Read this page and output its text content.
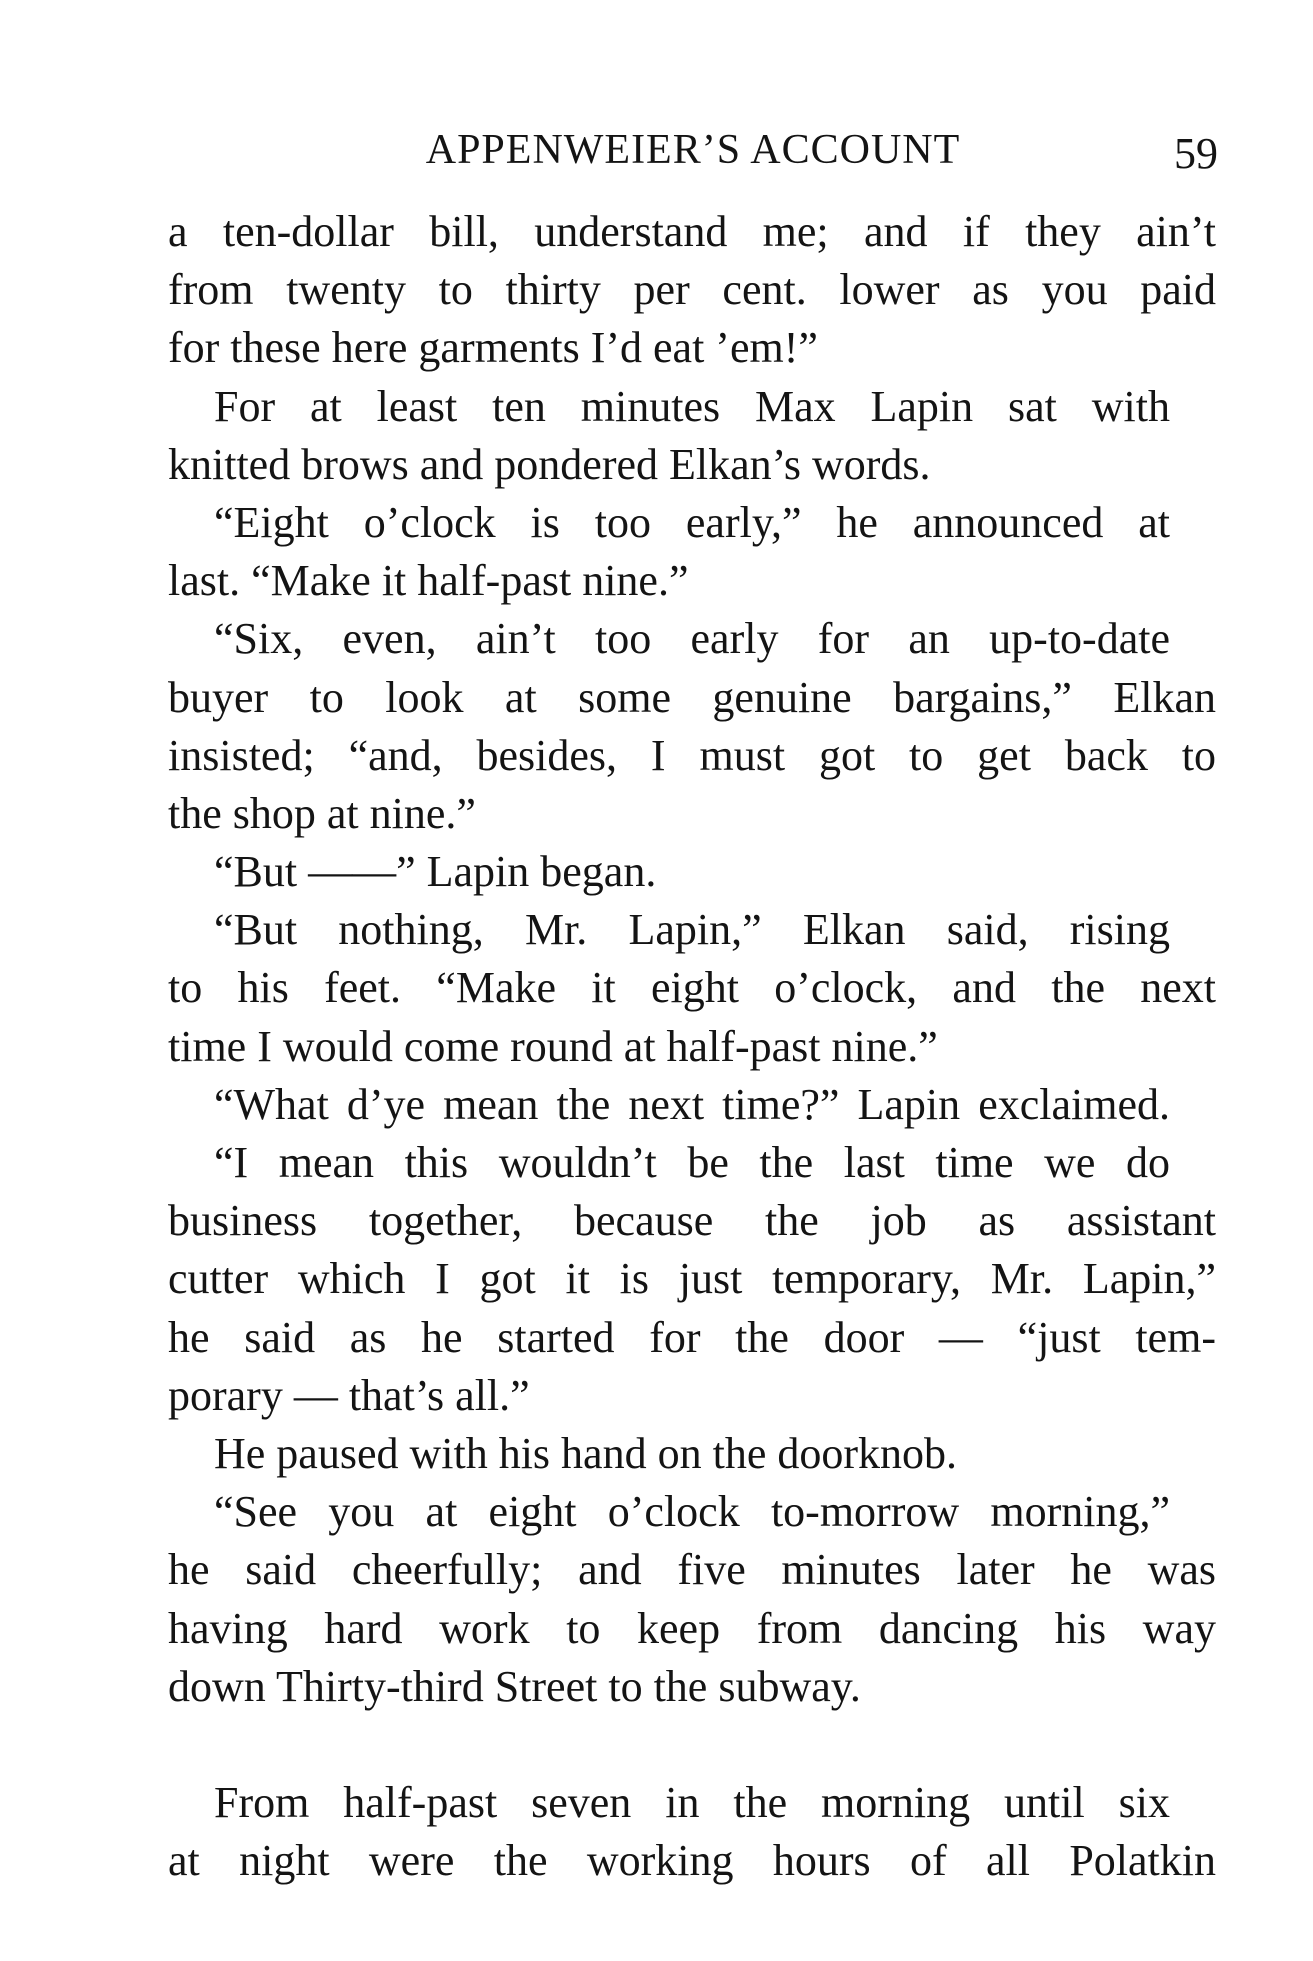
APPENWEIER’S ACCOUNT	59
a ten-dollar bill, understand me; and if they ain’t
from twenty to thirty per cent. lower as you paid
for these here garments I’d eat ’em!”
For at least ten minutes Max Lapin sat with
knitted brows and pondered Elkan’s words.
“Eight o’clock is too early,” he announced at
last. “Make it half-past nine.”
“Six, even, ain’t too early for an up-to-date
buyer to look at some genuine bargains,” Elkan
insisted; “and, besides, I must got to get back to
the shop at nine.”
“But ——” Lapin began.
“But nothing, Mr. Lapin,” Elkan said, rising
to his feet. “Make it eight o’clock, and the next
time I would come round at half-past nine.”
“What d’ye mean the next time?” Lapin exclaimed.
“I mean this wouldn’t be the last time we do
business together, because the job as assistant
cutter which I got it is just temporary, Mr. Lapin,”
he said as he started for the door — “just tem-
porary — that’s all.”
He paused with his hand on the doorknob.
“See you at eight o’clock to-morrow morning,”
he said cheerfully; and five minutes later he was
having hard work to keep from dancing his way
down Thirty-third Street to the subway.
From half-past seven in the morning until six
at night were the working hours of all Polatkin
